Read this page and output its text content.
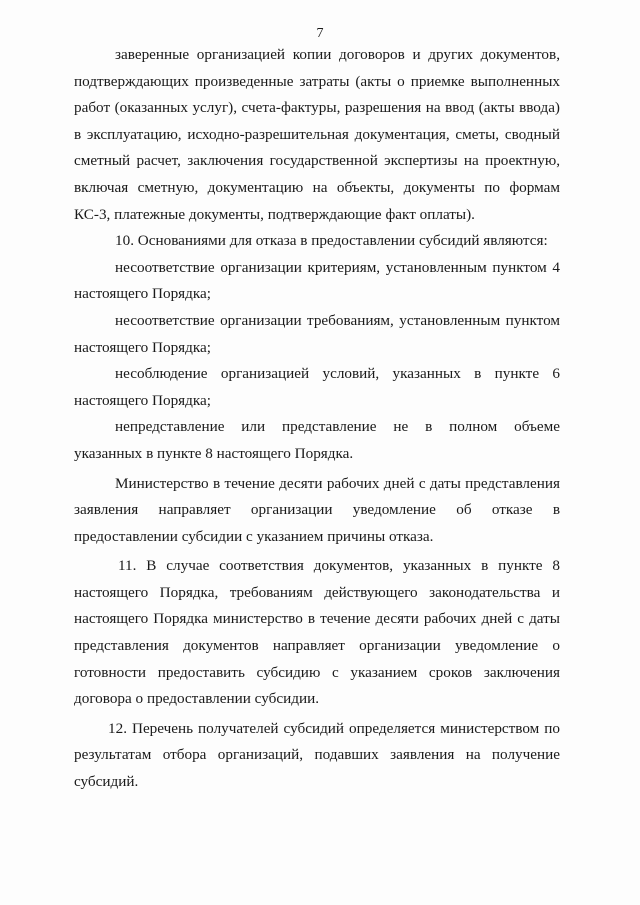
7
заверенные организацией копии договоров и других документов,
подтверждающих произведенные затраты (акты о приемке выполненных
работ (оказанных услуг), счета-фактуры, разрешения на ввод (акты ввода)
в эксплуатацию, исходно-разрешительная документация, сметы, сводный
сметный расчет, заключения государственной экспертизы на проектную,
включая сметную, документацию на объекты, документы по формам
КС-3, платежные документы, подтверждающие факт оплаты).
10. Основаниями для отказа в предоставлении субсидий являются:
несоответствие организации критериям, установленным пунктом 4
настоящего Порядка;
несоответствие организации требованиям, установленным пунктом
настоящего Порядка;
несоблюдение организацией условий, указанных в пункте 6
настоящего Порядка;
непредставление или представление не в полном объеме
указанных в пункте 8 настоящего Порядка.
Министерство в течение десяти рабочих дней с даты представления
заявления направляет организации уведомление об отказе в
предоставлении субсидии с указанием причины отказа.
11. В случае соответствия документов, указанных в пункте 8
настоящего Порядка, требованиям действующего законодательства и
настоящего Порядка министерство в течение десяти рабочих дней с даты
представления документов направляет организации уведомление о
готовности предоставить субсидию с указанием сроков заключения
договора о предоставлении субсидии.
12. Перечень получателей субсидий определяется министерством по
результатам отбора организаций, подавших заявления на получение
субсидий.
